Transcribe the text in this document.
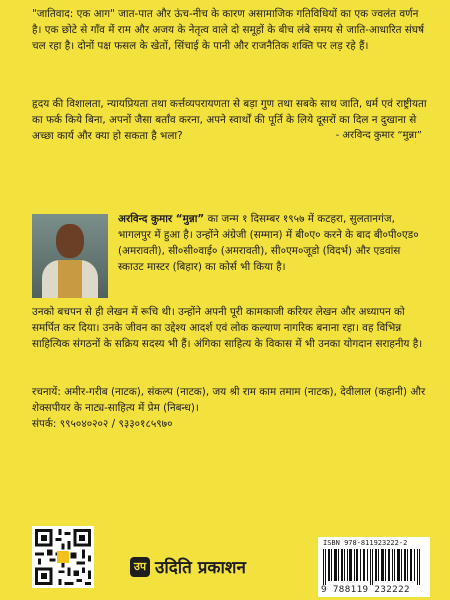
"जातिवाद: एक आग" जात-पात और ऊंच-नीच के कारण असामाजिक गतिविधियों का एक ज्वलंत वर्णन है। एक छोटे से गाँव में राम और अजय के नेतृत्व वाले दो समूहों के बीच लंबे समय से जाति-आधारित संघर्ष चल रहा है। दोनों पक्ष फसल के खेतों, सिंचाई के पानी और राजनैतिक शक्ति पर लड़ रहे हैं।

हृदय की विशालता, न्यायप्रियता तथा कर्त्तव्यपरायणता से बड़ा गुण तथा सबके साथ जाति, धर्म एवं राष्ट्रीयता का फर्क किये बिना, अपनों जैसा बर्तांव करना, अपने स्वार्थों की पूर्ति के लिये दूसरों का दिल न दुखाना से अच्छा कार्य और क्या हो सकता है भला?	- अरविन्द कुमार “मुन्ना”

अरविन्द कुमार “मुन्ना” का जन्म १ दिसम्बर १९५७ में कटहरा, सुलतानगंज, भागलपुर में हुआ है। उन्होंने अंग्रेजी (सम्मान) में बी०ए० करने के बाद बी०पी०एड० (अमरावती), सी०सी०वाई० (अमरावती), सी०एम०जूडो (विदर्भ) और एडवांस स्काउट मास्टर (बिहार) का कोर्स भी किया है।

उनको बचपन से ही लेखन में रूचि थी। उन्होंने अपनी पूरी कामकाजी करियर लेखन और अध्यापन को समर्पित कर दिया। उनके जीवन का उद्देश्य आदर्श एवं लोक कल्याण नागरिक बनाना रहा। वह विभिन्न साहित्यिक संगठनों के सक्रिय सदस्य भी हैं। अंगिका साहित्य के विकास में भी उनका योगदान सराहनीय है।

रचनायें: अमीर-गरीब (नाटक), संकल्प (नाटक), जय श्री राम काम तमाम (नाटक), देवीलाल (कहानी) और शेक्सपीयर के नाट्य-साहित्य में प्रेम (निबन्ध)।

संपर्क: ९९५०४०२०२ / ९३३०१८५९७०

उप उदिति प्रकाशन
ISBN 978-811923222-2
9 788119 232222
